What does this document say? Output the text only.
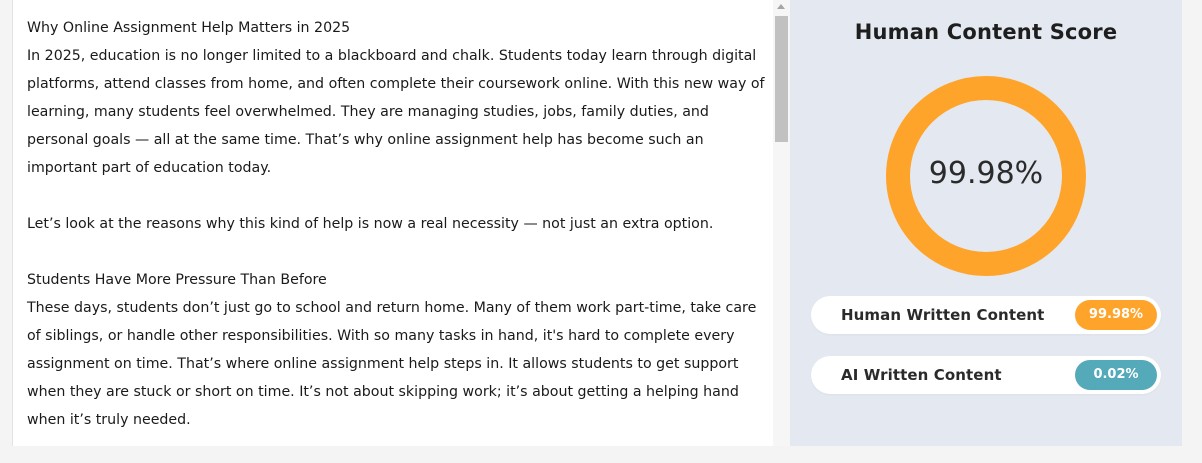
Why Online Assignment Help Matters in 2025

In 2025, education is no longer limited to a blackboard and chalk. Students today learn through digital platforms, attend classes from home, and often complete their coursework online. With this new way of learning, many students feel overwhelmed. They are managing studies, jobs, family duties, and personal goals — all at the same time. That’s why online assignment help has become such an important part of education today.

Let’s look at the reasons why this kind of help is now a real necessity — not just an extra option.

Students Have More Pressure Than Before

These days, students don’t just go to school and return home. Many of them work part-time, take care of siblings, or handle other responsibilities. With so many tasks in hand, it's hard to complete every assignment on time. That’s where online assignment help steps in. It allows students to get support when they are stuck or short on time. It’s not about skipping work; it’s about getting a helping hand when it’s truly needed.

Human Content Score
99.98%
Human Written Content	99.98%
AI Written Content	0.02%
